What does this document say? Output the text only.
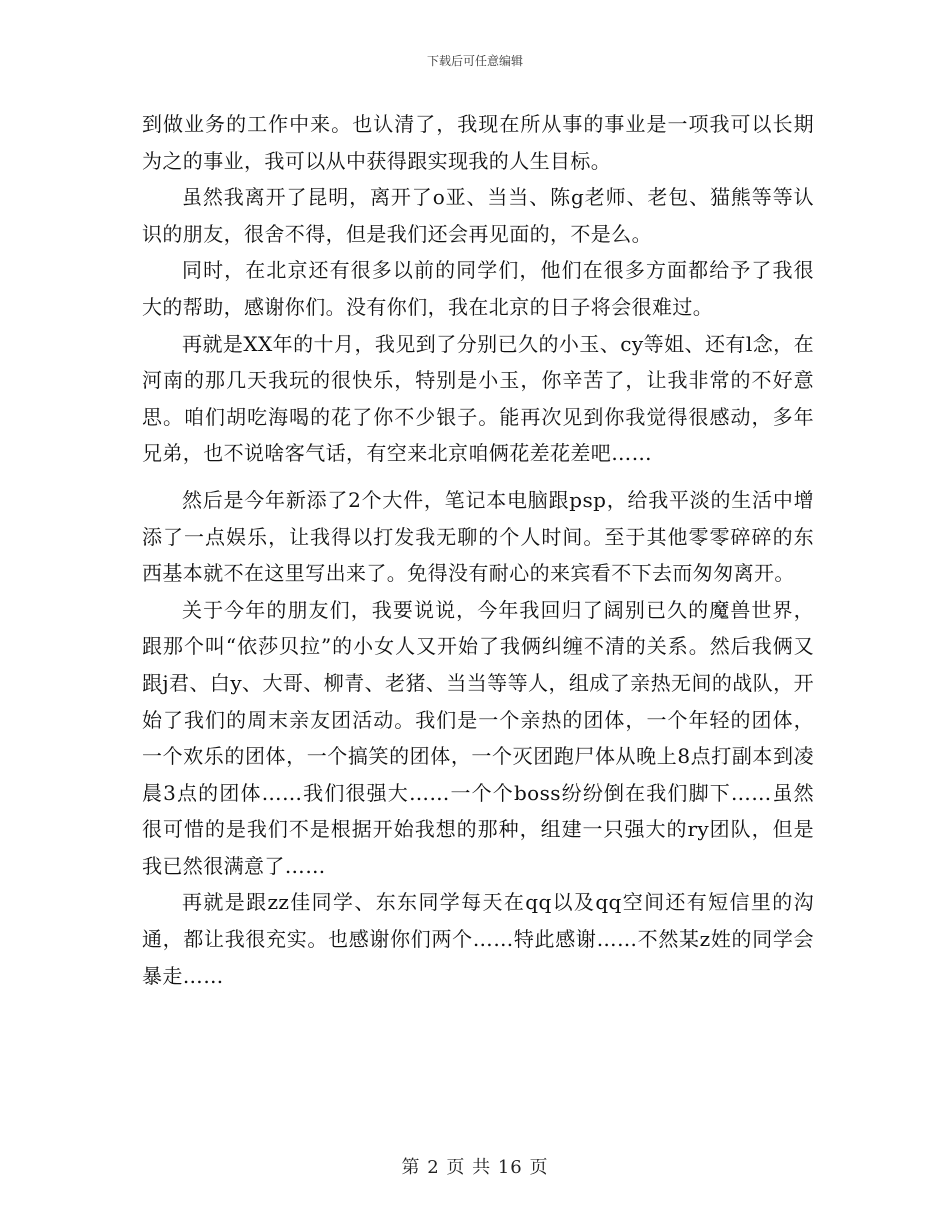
下载后可任意编辑

到做业务的工作中来。也认清了，我现在所从事的事业是一项我可以长期为之的事业，我可以从中获得跟实现我的人生目标。

虽然我离开了昆明，离开了o亚、当当、陈g老师、老包、猫熊等等认识的朋友，很舍不得，但是我们还会再见面的，不是么。

同时，在北京还有很多以前的同学们，他们在很多方面都给予了我很大的帮助，感谢你们。没有你们，我在北京的日子将会很难过。

再就是XX年的十月，我见到了分别已久的小玉、cy等姐、还有l念，在河南的那几天我玩的很快乐，特别是小玉，你辛苦了，让我非常的不好意思。咱们胡吃海喝的花了你不少银子。能再次见到你我觉得很感动，多年兄弟，也不说啥客气话，有空来北京咱俩花差花差吧……

然后是今年新添了2个大件，笔记本电脑跟psp，给我平淡的生活中增添了一点娱乐，让我得以打发我无聊的个人时间。至于其他零零碎碎的东西基本就不在这里写出来了。免得没有耐心的来宾看不下去而匆匆离开。

关于今年的朋友们，我要说说，今年我回归了阔别已久的魔兽世界，跟那个叫“依莎贝拉”的小女人又开始了我俩纠缠不清的关系。然后我俩又跟j君、白y、大哥、柳青、老猪、当当等等人，组成了亲热无间的战队，开始了我们的周末亲友团活动。我们是一个亲热的团体，一个年轻的团体，一个欢乐的团体，一个搞笑的团体，一个灭团跑尸体从晚上8点打副本到凌晨3点的团体……我们很强大……一个个boss纷纷倒在我们脚下……虽然很可惜的是我们不是根据开始我想的那种，组建一只强大的ry团队，但是我已然很满意了……

再就是跟zz佳同学、东东同学每天在qq以及qq空间还有短信里的沟通，都让我很充实。也感谢你们两个……特此感谢……不然某z姓的同学会暴走……

第 2 页 共 16 页
